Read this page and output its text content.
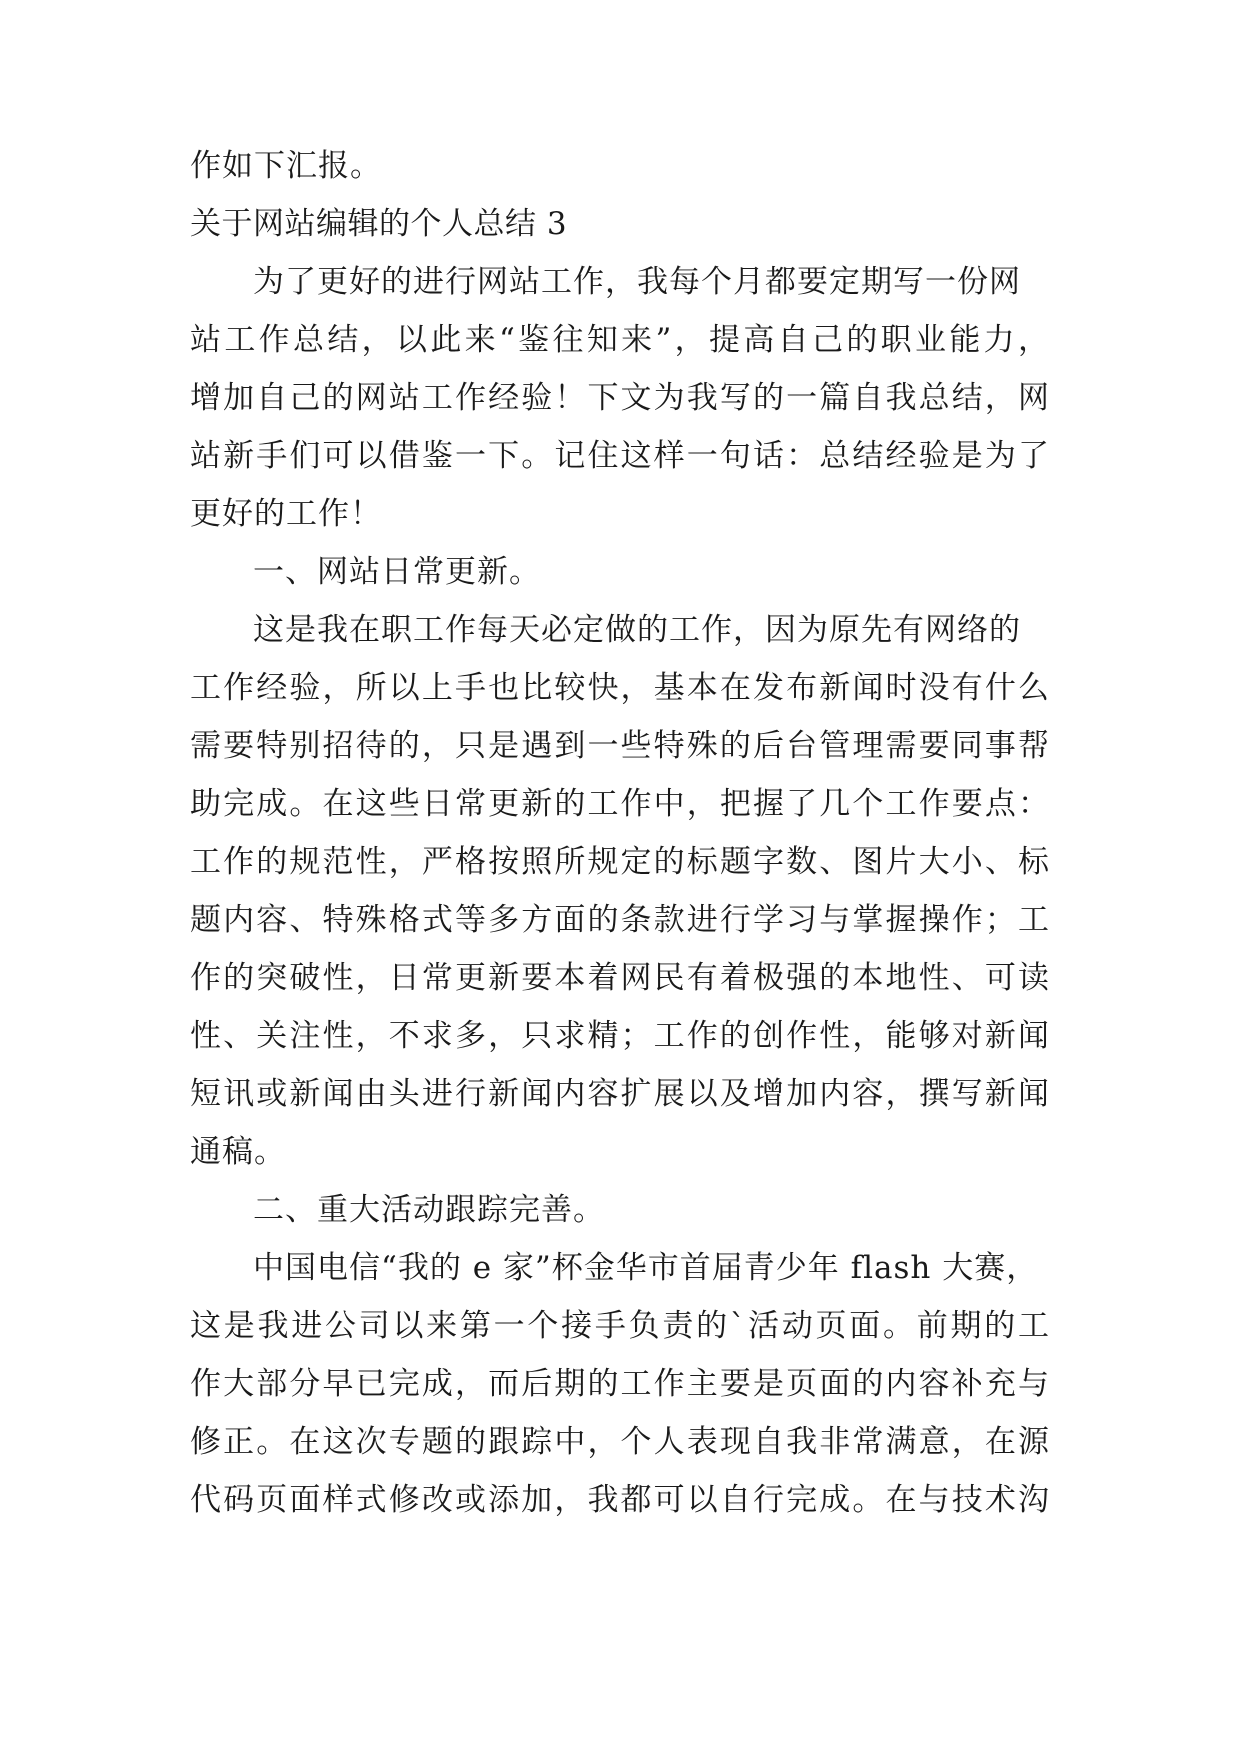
作如下汇报。
关于网站编辑的个人总结 3
为了更好的进行网站工作，我每个月都要定期写一份网
站工作总结，以此来“鉴往知来”，提高自己的职业能力，
增加自己的网站工作经验！下文为我写的一篇自我总结，网
站新手们可以借鉴一下。记住这样一句话：总结经验是为了
更好的工作！
一、网站日常更新。
这是我在职工作每天必定做的工作，因为原先有网络的
工作经验，所以上手也比较快，基本在发布新闻时没有什么
需要特别招待的，只是遇到一些特殊的后台管理需要同事帮
助完成。在这些日常更新的工作中，把握了几个工作要点：
工作的规范性，严格按照所规定的标题字数、图片大小、标
题内容、特殊格式等多方面的条款进行学习与掌握操作；工
作的突破性，日常更新要本着网民有着极强的本地性、可读
性、关注性，不求多，只求精；工作的创作性，能够对新闻
短讯或新闻由头进行新闻内容扩展以及增加内容，撰写新闻
通稿。
二、重大活动跟踪完善。
中国电信“我的 e 家”杯金华市首届青少年 flash 大赛，
这是我进公司以来第一个接手负责的`活动页面。前期的工
作大部分早已完成，而后期的工作主要是页面的内容补充与
修正。在这次专题的跟踪中，个人表现自我非常满意，在源
代码页面样式修改或添加，我都可以自行完成。在与技术沟
